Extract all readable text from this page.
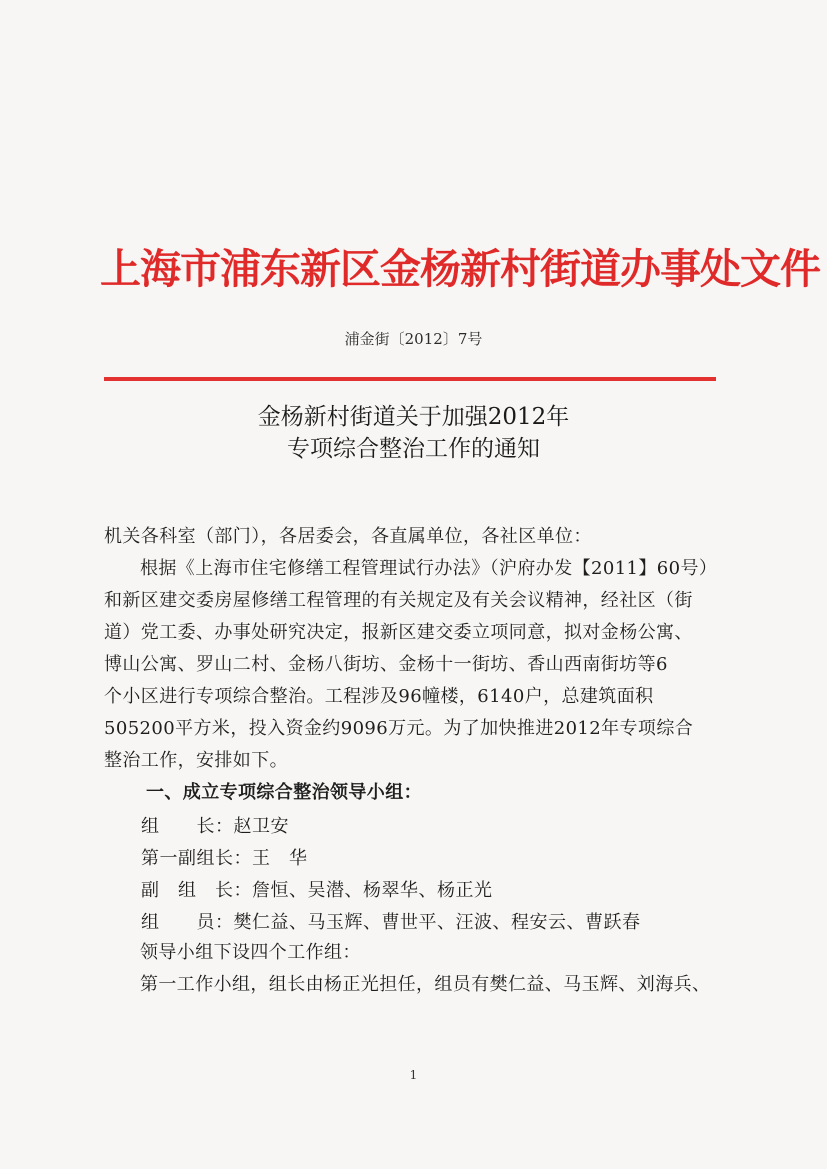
上海市浦东新区金杨新村街道办事处文件
浦金街〔2012〕7号
金杨新村街道关于加强2012年
专项综合整治工作的通知
机关各科室（部门），各居委会，各直属单位，各社区单位：
根据《上海市住宅修缮工程管理试行办法》（沪府办发【2011】60号）
和新区建交委房屋修缮工程管理的有关规定及有关会议精神，经社区（街
道）党工委、办事处研究决定，报新区建交委立项同意，拟对金杨公寓、
博山公寓、罗山二村、金杨八街坊、金杨十一街坊、香山西南街坊等6
个小区进行专项综合整治。工程涉及96幢楼，6140户，总建筑面积
505200平方米，投入资金约9096万元。为了加快推进2012年专项综合
整治工作，安排如下。
一、成立专项综合整治领导小组：
组　　长：赵卫安
第一副组长：王　华
副　组　长：詹恒、吴潜、杨翠华、杨正光
组　　员：樊仁益、马玉辉、曹世平、汪波、程安云、曹跃春
领导小组下设四个工作组：
第一工作小组，组长由杨正光担任，组员有樊仁益、马玉辉、刘海兵、
1
